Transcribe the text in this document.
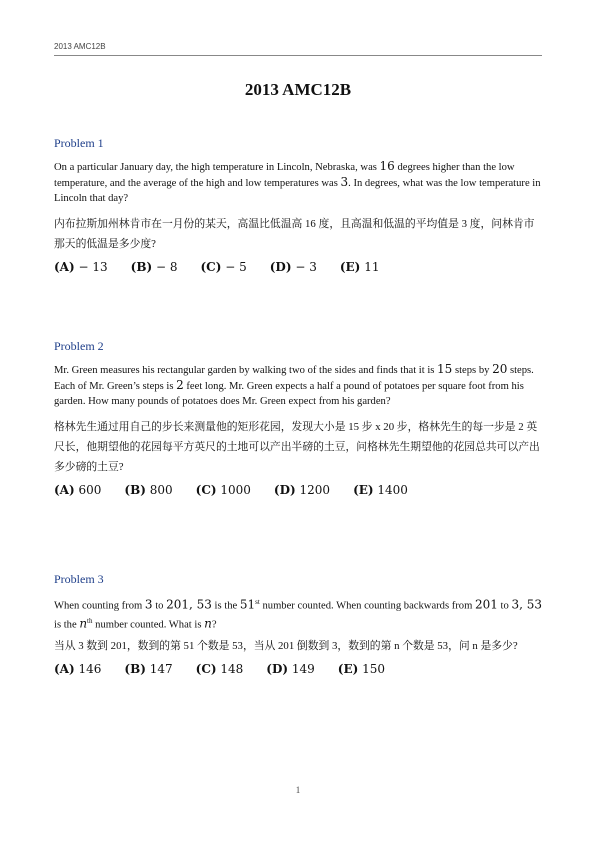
2013 AMC12B
2013 AMC12B
Problem 1

On a particular January day, the high temperature in Lincoln, Nebraska, was 16 degrees higher than the low temperature, and the average of the high and low temperatures was 3. In degrees, what was the low temperature in Lincoln that day?

内布拉斯加州林肯市在一月份的某天，高温比低温高 16 度，且高温和低温的平均值是 3 度，问林肯市那天的低温是多少度?

(A) − 13 (B) − 8 (C) − 5 (D) − 3 (E) 11
Problem 2

Mr. Green measures his rectangular garden by walking two of the sides and finds that it is 15 steps by 20 steps. Each of Mr. Green’s steps is 2 feet long. Mr. Green expects a half a pound of potatoes per square foot from his garden. How many pounds of potatoes does Mr. Green expect from his garden?

格林先生通过用自己的步长来测量他的矩形花园，发现大小是 15 步 x 20 步，格林先生的每一步是 2 英尺长，他期望他的花园每平方英尺的土地可以产出半磅的土豆，问格林先生期望他的花园总共可以产出多少磅的土豆?

(A) 600 (B) 800 (C) 1000 (D) 1200 (E) 1400
Problem 3

When counting from 3 to 201, 53 is the 51st number counted. When counting backwards from 201 to 3, 53 is the $n^{th}$ number counted. What is n?

当从 3 数到 201，数到的第 51 个数是 53，当从 201 倒数到 3，数到的第 n 个数是 53，问 n 是多少?

(A) 146 (B) 147 (C) 148 (D) 149 (E) 150
1
